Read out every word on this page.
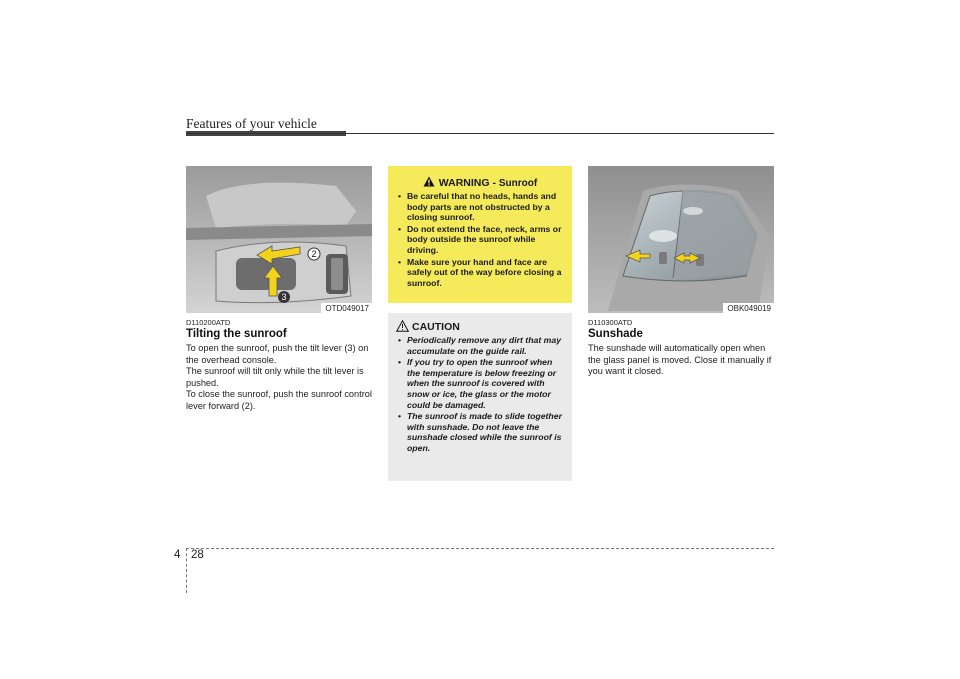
Features of your vehicle
2
3
OTD049017
D110200ATD
Tilting the sunroof

To open the sunroof, push the tilt lever (3) on the overhead console.

The sunroof will tilt only while the tilt lever is pushed.

To close the sunroof, push the sunroof control lever forward (2).

WARNING - Sunroof
• Be careful that no heads, hands and body parts are not obstructed by a closing sunroof.
• Do not extend the face, neck, arms or body outside the sunroof while driving.
• Make sure your hand and face are safely out of the way before closing a sunroof.
CAUTION
• Periodically remove any dirt that may accumulate on the guide rail.
• If you try to open the sunroof when the temperature is below freezing or when the sunroof is covered with snow or ice, the glass or the motor could be damaged.
• The sunroof is made to slide together with sunshade. Do not leave the sunshade closed while the sunroof is open.
OBK049019
D110300ATD
Sunshade

The sunshade will automatically open when the glass panel is moved. Close it manually if you want it closed.

4 28
